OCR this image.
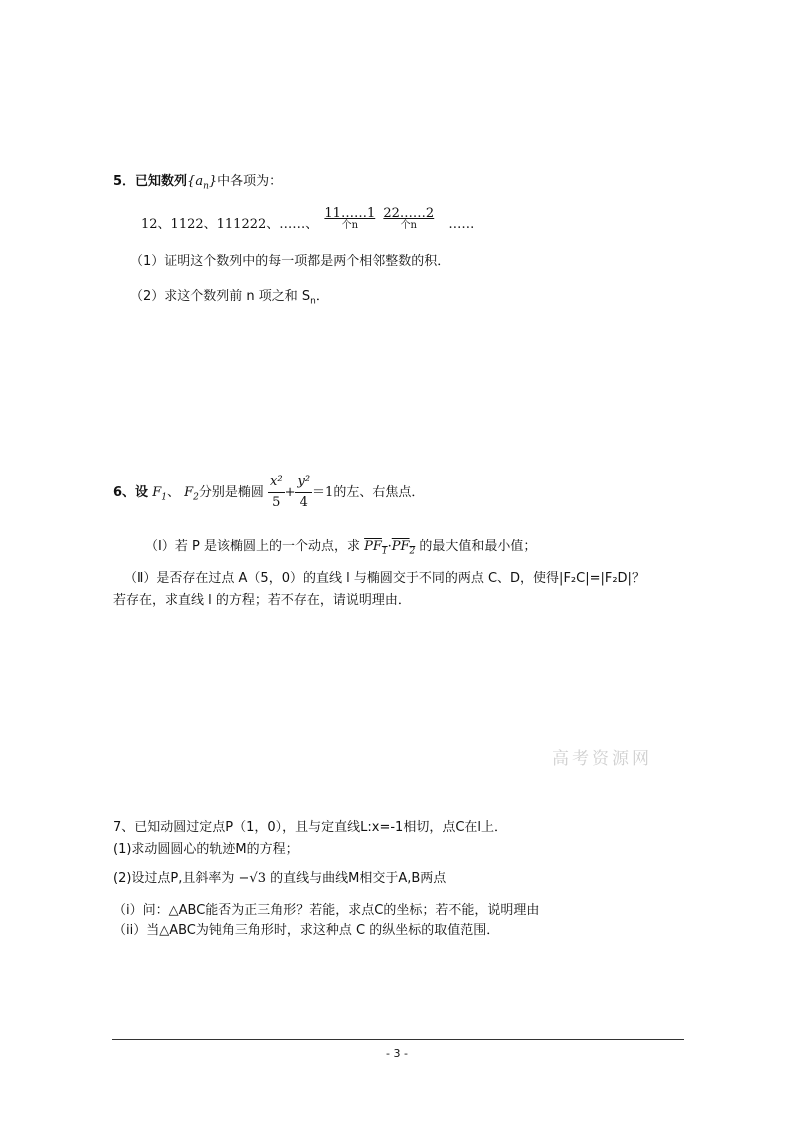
5．已知数列$\{a_n\}$中各项为：
12、1122、111222、……、
11……1
个n

22……2
个n	……
（1）证明这个数列中的每一项都是两个相邻整数的积．
（2）求这个数列前 n 项之和 $S_n$．
6、设 $F_1$、 $F_2$分别是椭圆 $\frac{\text{x²}}{5} + \frac{\text{y²}}{4} =1$的左、右焦点．
（Ⅰ）若 P 是该椭圆上的一个动点，求 $PF_1\cdot PF_2$ 的最大值和最小值；
（Ⅱ）是否存在过点 A（5，0）的直线 l 与椭圆交于不同的两点 C、D，使得|F₂C|=|F₂D|？
若存在，求直线 l 的方程；若不存在，请说明理由．
高考资源网
7、已知动圆过定点P（1，0），且与定直线L:x=-1相切，点C在l上．
(1)求动圆圆心的轨迹M的方程；
(2)设过点P,且斜率为 −√3 的直线与曲线M相交于A,B两点
（i）问：△ABC能否为正三角形？若能，求点C的坐标；若不能，说明理由
（ii）当△ABC为钝角三角形时，求这种点 C 的纵坐标的取值范围．
- 3 -
